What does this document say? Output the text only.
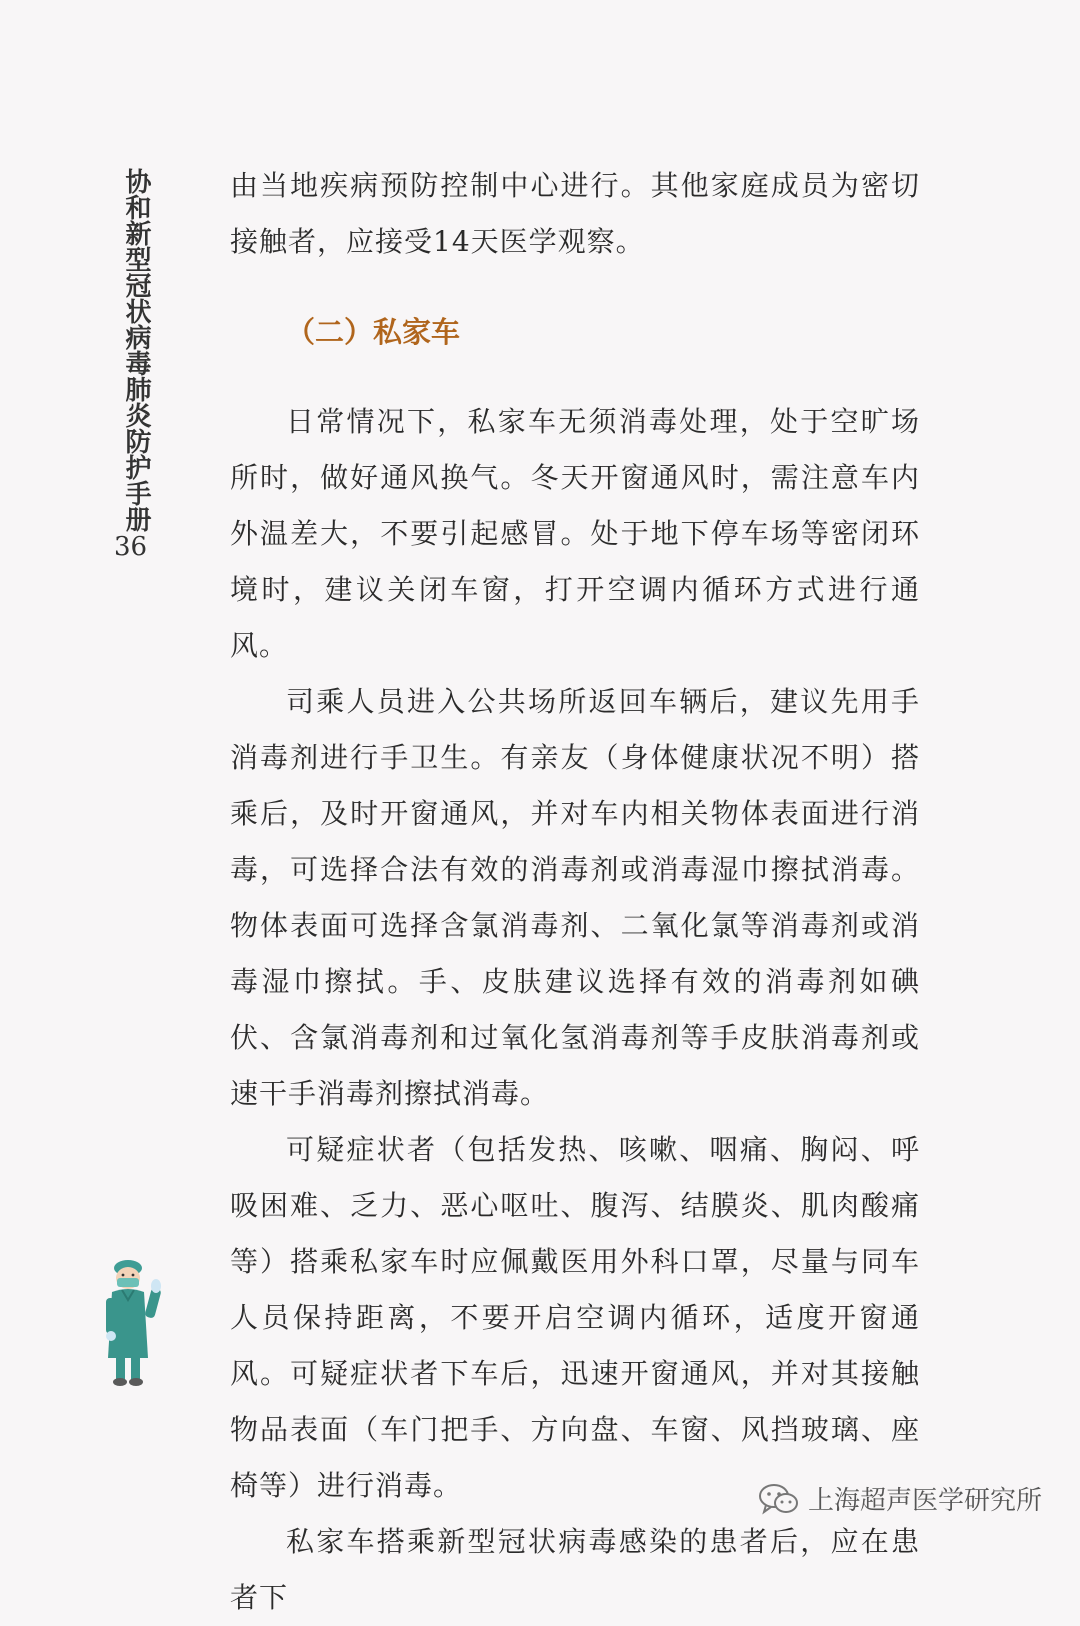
协和新型冠状病毒肺炎防护手册
36

由当地疾病预防控制中心进行。其他家庭成员为密切接触者，应接受14天医学观察。

（二）私家车

日常情况下，私家车无须消毒处理，处于空旷场所时，做好通风换气。冬天开窗通风时，需注意车内外温差大，不要引起感冒。处于地下停车场等密闭环境时，建议关闭车窗，打开空调内循环方式进行通风。

司乘人员进入公共场所返回车辆后，建议先用手消毒剂进行手卫生。有亲友（身体健康状况不明）搭乘后，及时开窗通风，并对车内相关物体表面进行消毒，可选择合法有效的消毒剂或消毒湿巾擦拭消毒。物体表面可选择含氯消毒剂、二氧化氯等消毒剂或消毒湿巾擦拭。手、皮肤建议选择有效的消毒剂如碘伏、含氯消毒剂和过氧化氢消毒剂等手皮肤消毒剂或速干手消毒剂擦拭消毒。

可疑症状者（包括发热、咳嗽、咽痛、胸闷、呼吸困难、乏力、恶心呕吐、腹泻、结膜炎、肌肉酸痛等）搭乘私家车时应佩戴医用外科口罩，尽量与同车人员保持距离，不要开启空调内循环，适度开窗通风。可疑症状者下车后，迅速开窗通风，并对其接触物品表面（车门把手、方向盘、车窗、风挡玻璃、座椅等）进行消毒。

私家车搭乘新型冠状病毒感染的患者后，应在患者下

上海超声医学研究所
